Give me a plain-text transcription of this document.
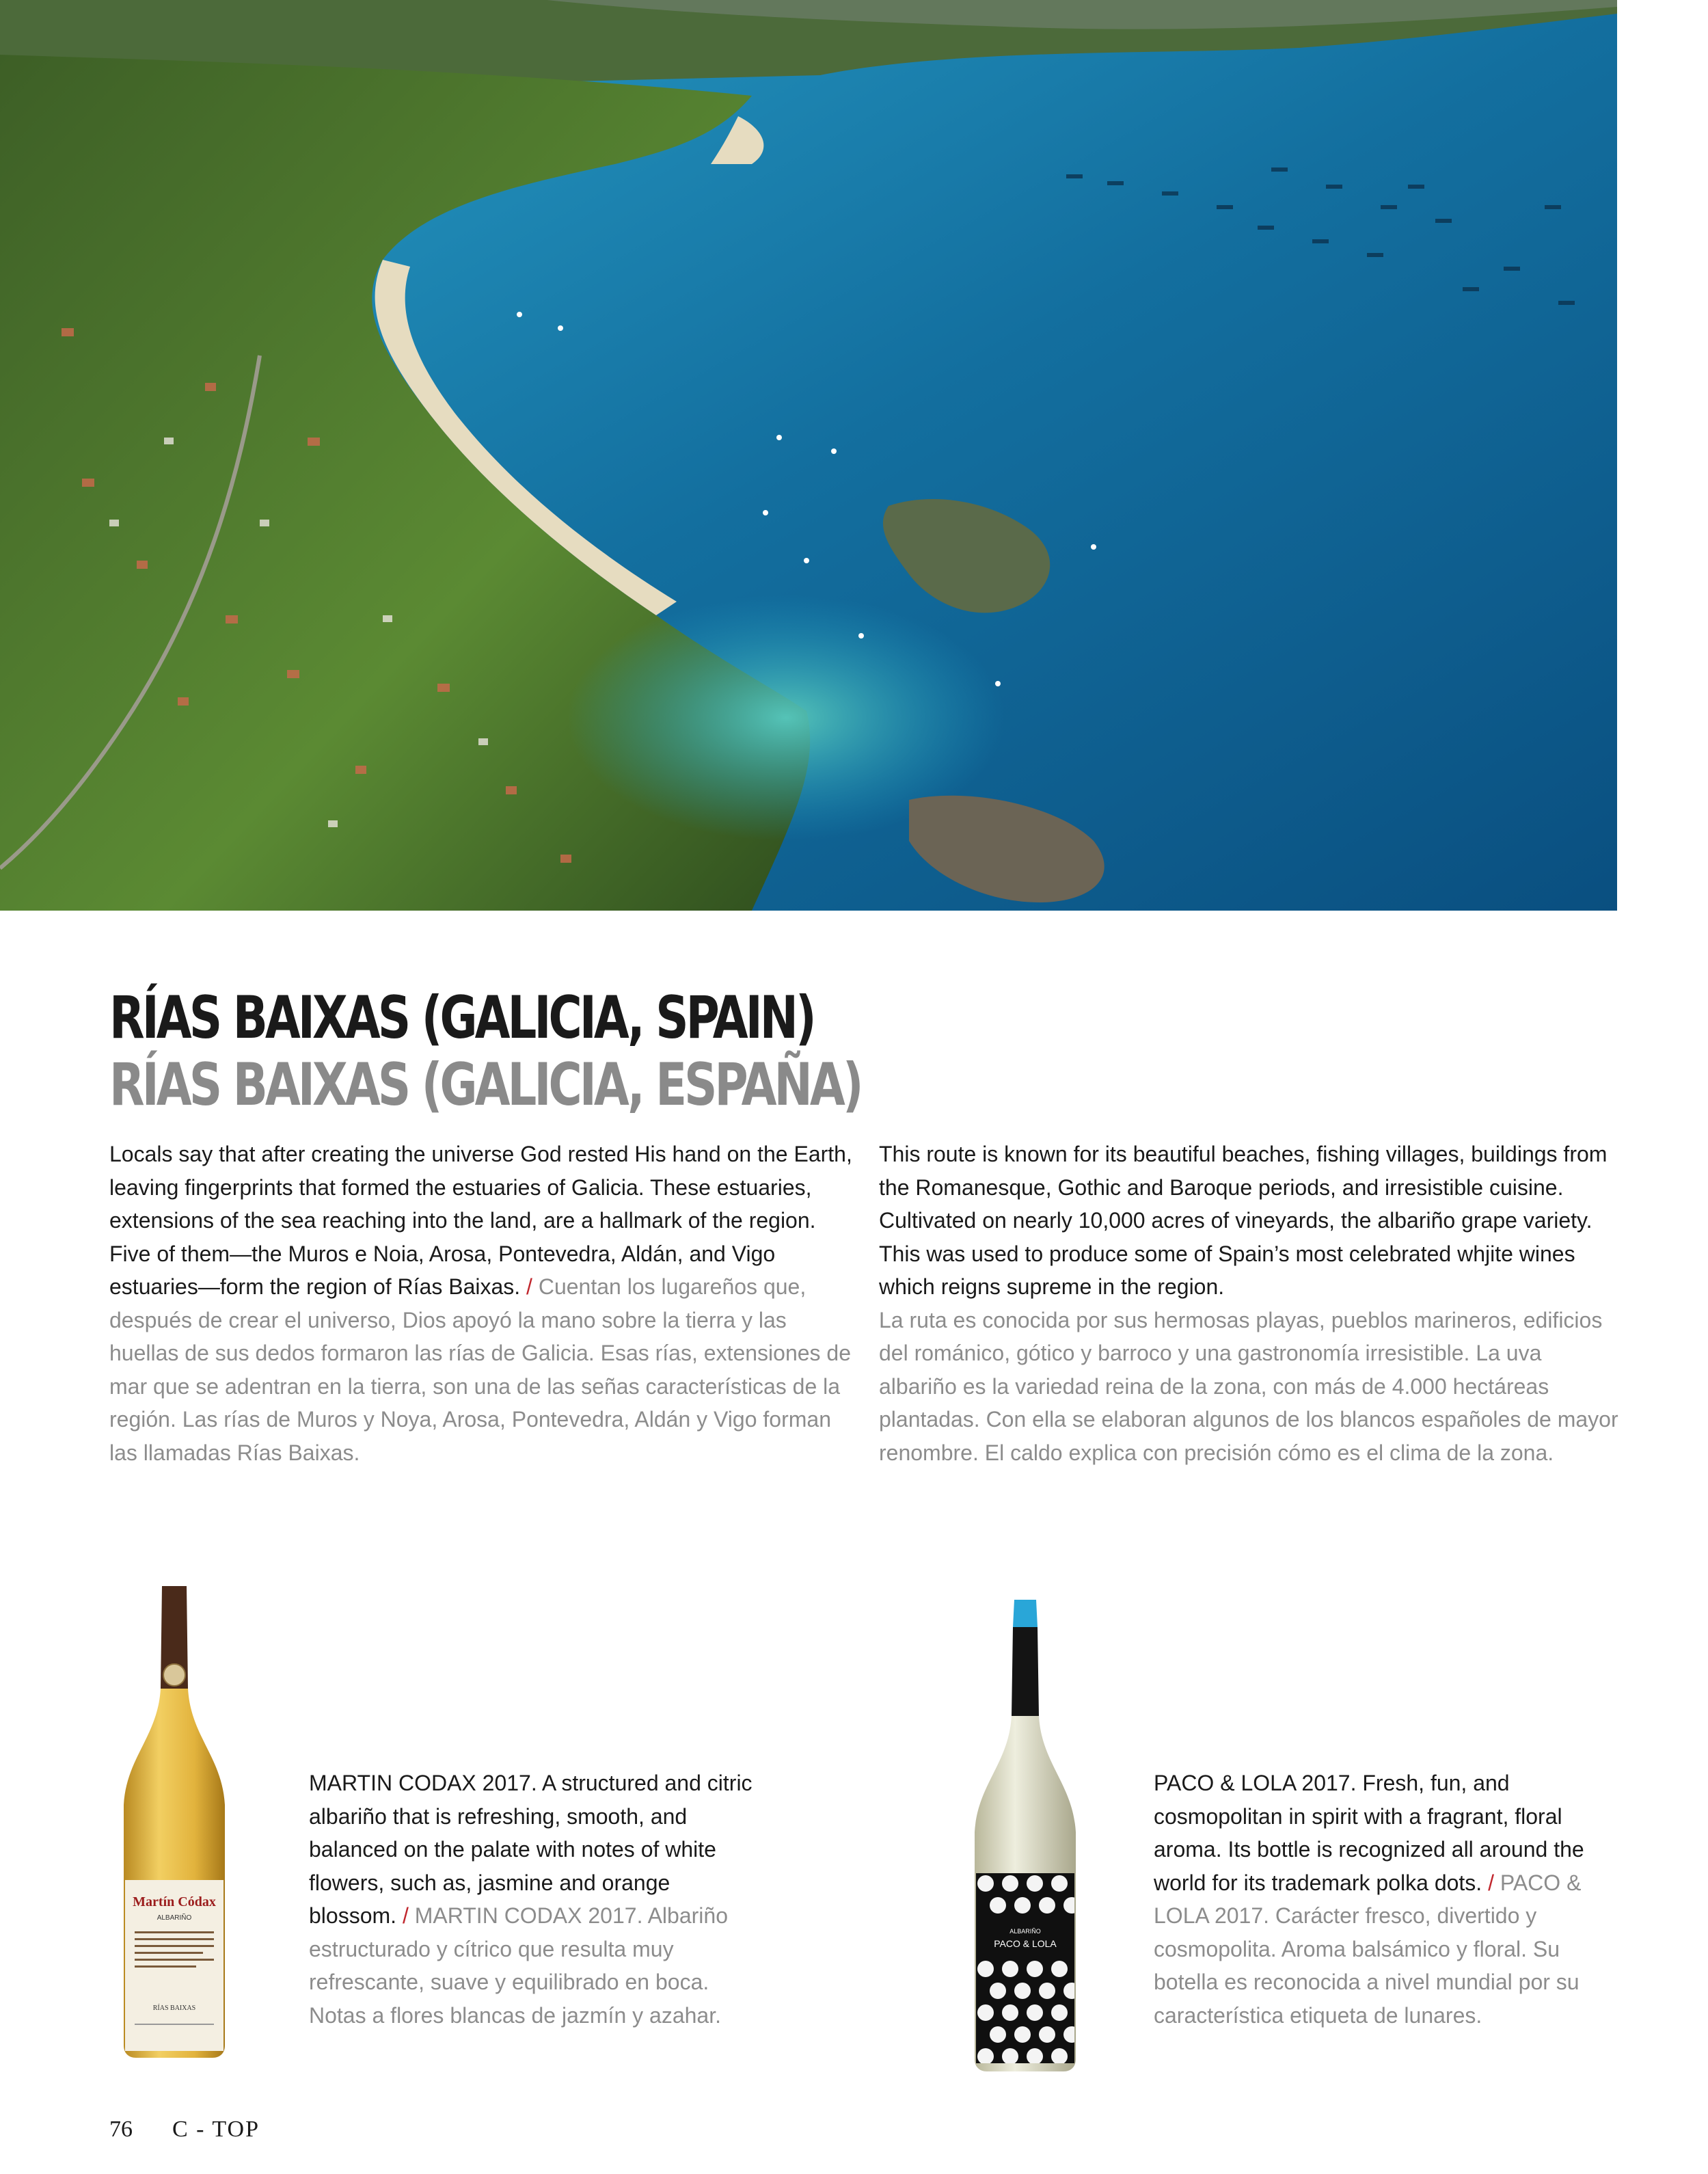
RÍAS BAIXAS (GALICIA, SPAIN)
RÍAS BAIXAS (GALICIA, ESPAÑA)
Locals say that after creating the universe God rested His hand on the Earth, leaving fingerprints that formed the estuaries of Galicia. These estuaries, extensions of the sea reaching into the land, are a hallmark of the region. Five of them—the Muros e Noia, Arosa, Pontevedra, Aldán, and Vigo estuaries—form the region of Rías Baixas. / Cuentan los lugareños que, después de crear el universo, Dios apoyó la mano sobre la tierra y las huellas de sus dedos formaron las rías de Galicia. Esas rías, extensiones de mar que se adentran en la tierra, son una de las señas características de la región. Las rías de Muros y Noya, Arosa, Pontevedra, Aldán y Vigo forman las llamadas Rías Baixas.
This route is known for its beautiful beaches, fishing villages, buildings from the Romanesque, Gothic and Baroque periods, and irresistible cuisine. Cultivated on nearly 10,000 acres of vineyards, the albariño grape variety. This was used to produce some of Spain’s most celebrated whjite wines which reigns supreme in the region.
La ruta es conocida por sus hermosas playas, pueblos marineros, edificios del románico, gótico y barroco y una gastronomía irresistible. La uva albariño es la variedad reina de la zona, con más de 4.000 hectáreas plantadas. Con ella se elaboran algunos de los blancos españoles de mayor renombre. El caldo explica con precisión cómo es el clima de la zona.
Martín Códax
ALBARIÑO
RÍAS BAIXAS
MARTIN CODAX 2017. A structured and citric albariño that is refreshing, smooth, and balanced on the palate with notes of white flowers, such as, jasmine and orange blossom. / MARTIN CODAX 2017. Albariño estructurado y cítrico que resulta muy refrescante, suave y equilibrado en boca. Notas a flores blancas de jazmín y azahar.
ALBARIÑO
PACO & LOLA
PACO & LOLA 2017. Fresh, fun, and cosmopolitan in spirit with a fragrant, floral aroma. Its bottle is recognized all around the world for its trademark polka dots. / PACO & LOLA 2017. Carácter fresco, divertido y cosmopolita. Aroma balsámico y floral. Su botella es reconocida a nivel mundial por su característica etiqueta de lunares.
76 C - TOP
